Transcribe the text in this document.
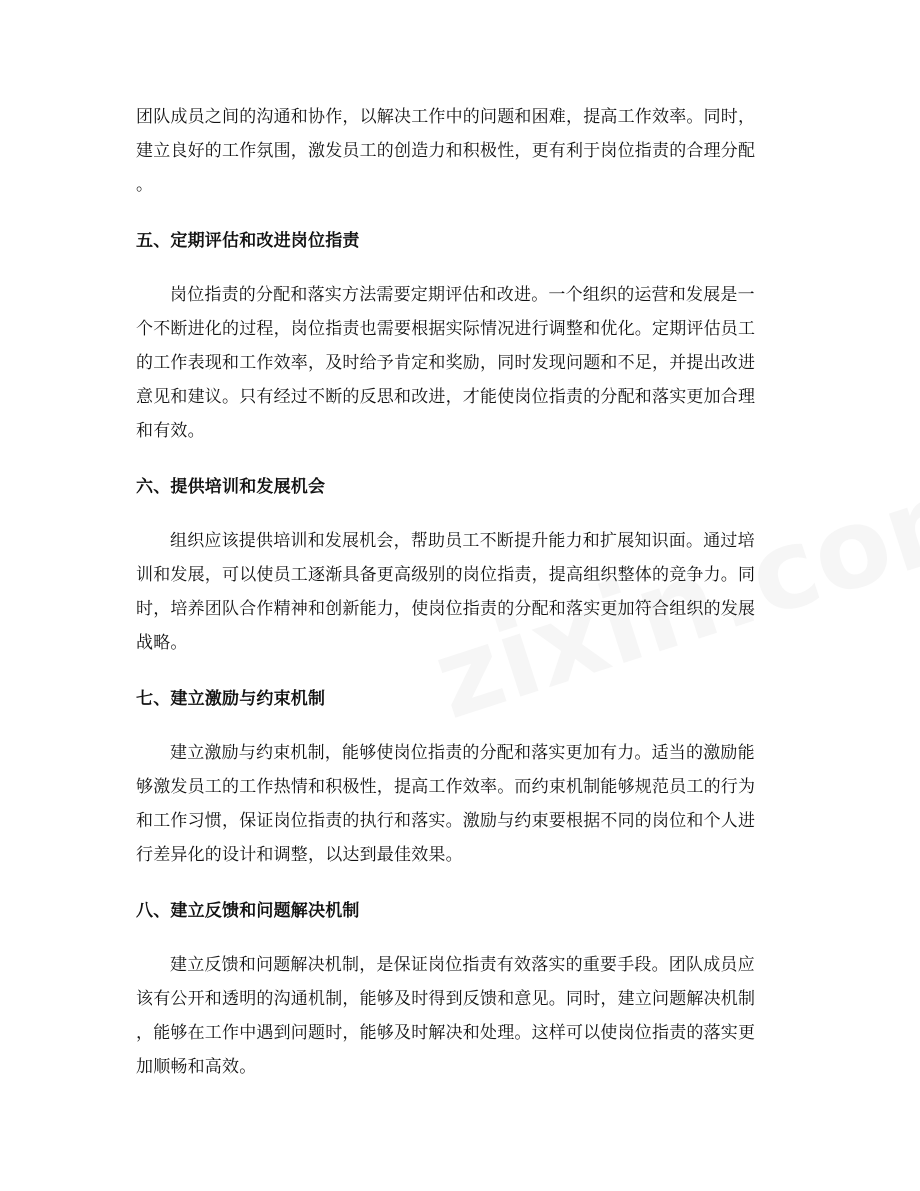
团队成员之间的沟通和协作，以解决工作中的问题和困难，提高工作效率。同时，
建立良好的工作氛围，激发员工的创造力和积极性，更有利于岗位指责的合理分配
。

五、定期评估和改进岗位指责

岗位指责的分配和落实方法需要定期评估和改进。一个组织的运营和发展是一
个不断进化的过程，岗位指责也需要根据实际情况进行调整和优化。定期评估员工
的工作表现和工作效率，及时给予肯定和奖励，同时发现问题和不足，并提出改进
意见和建议。只有经过不断的反思和改进，才能使岗位指责的分配和落实更加合理
和有效。

六、提供培训和发展机会

组织应该提供培训和发展机会，帮助员工不断提升能力和扩展知识面。通过培
训和发展，可以使员工逐渐具备更高级别的岗位指责，提高组织整体的竞争力。同
时，培养团队合作精神和创新能力，使岗位指责的分配和落实更加符合组织的发展
战略。

七、建立激励与约束机制

建立激励与约束机制，能够使岗位指责的分配和落实更加有力。适当的激励能
够激发员工的工作热情和积极性，提高工作效率。而约束机制能够规范员工的行为
和工作习惯，保证岗位指责的执行和落实。激励与约束要根据不同的岗位和个人进
行差异化的设计和调整，以达到最佳效果。

八、建立反馈和问题解决机制

建立反馈和问题解决机制，是保证岗位指责有效落实的重要手段。团队成员应
该有公开和透明的沟通机制，能够及时得到反馈和意见。同时，建立问题解决机制
，能够在工作中遇到问题时，能够及时解决和处理。这样可以使岗位指责的落实更
加顺畅和高效。
